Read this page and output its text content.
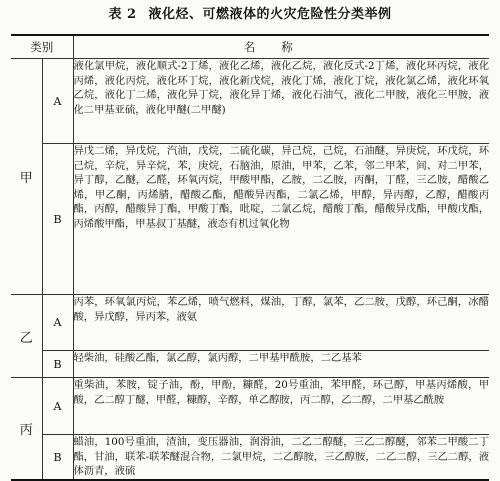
表 2 液化烃、可燃液体的火灾危险性分类举例
类别		名称
甲	A	液化氯甲烷，液化顺式-2丁烯，液化乙烯，液化乙烷，液化反式-2丁烯，液化环丙烷，液化丙烯，液化丙烷，液化环丁烷，液化新戊烷，液化丁烯，液化丁烷，液化氯乙烯，液化环氧乙烷，液化丁二烯，液化异丁烷，液化异丁烯，液化石油气，液化二甲胺，液化三甲胺，液化二甲基亚硫，液化甲醚(二甲醚)
	B	异戊二烯，异戊烷，汽油，戊烷，二硫化碳，异己烷，己烷，石油醚，异庚烷，环戊烷，环己烷，辛烷，异辛烷，苯，庚烷，石脑油，原油，甲苯，乙苯，邻二甲苯，间、对二甲苯，异丁醇，乙醚，乙醛，环氧丙烷，甲酸甲酯，乙胺，二乙胺，丙酮，丁醛，三乙胺，醋酸乙烯，甲乙酮，丙烯腈，醋酸乙酯，醋酸异丙酯，二氯乙烯，甲醇，异丙醇，乙醇，醋酸丙酯，丙醇，醋酸异丁酯，甲酸丁酯，吡啶，二氯乙烷，醋酸丁酯，醋酸异戊酯，甲酸戊酯，丙烯酸甲酯，甲基叔丁基醚，液态有机过氧化物
乙	A	丙苯，环氧氯丙烷，苯乙烯，喷气燃料，煤油，丁醇，氯苯，乙二胺，戊醇，环己酮，冰醋酸，异戊醇，异丙苯，液氨
	B	轻柴油，硅酸乙酯，氯乙醇，氯丙醇，二甲基甲酰胺，二乙基苯
丙	A	重柴油，苯胺，锭子油，酚，甲酚，糠醛，20号重油，苯甲醛，环己醇，甲基丙烯酸，甲酸，乙二醇丁醚，甲醛，糠醇，辛醇，单乙醇胺，丙二醇，乙二醇，二甲基乙酰胺
	B	蜡油，100号重油，渣油，变压器油，润滑油，二乙二醇醚，三乙二醇醚，邻苯二甲酸二丁酯，甘油，联苯-联苯醚混合物，二氯甲烷，二乙醇胺，三乙醇胺，二乙二醇，三乙二醇，液体沥青，液硫
